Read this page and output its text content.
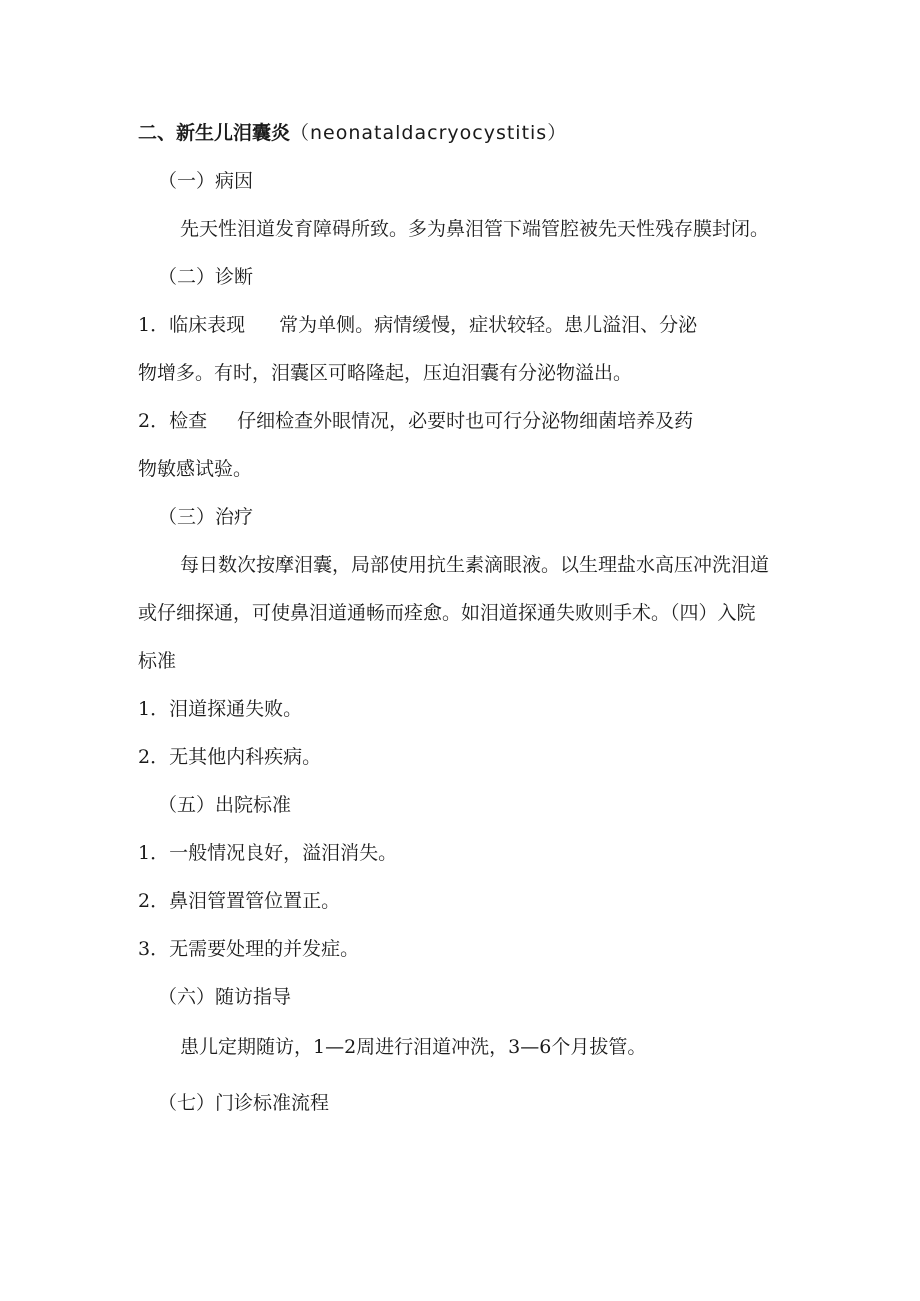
二、新生儿泪囊炎（neonataldacryocystitis）
（一）病因
先天性泪道发育障碍所致。多为鼻泪管下端管腔被先天性残存膜封闭。
（二）诊断
1．临床表现 常为单侧。病情缓慢，症状较轻。患儿溢泪、分泌
物增多。有时，泪囊区可略隆起，压迫泪囊有分泌物溢出。
2．检查 仔细检查外眼情况，必要时也可行分泌物细菌培养及药
物敏感试验。
（三）治疗
每日数次按摩泪囊，局部使用抗生素滴眼液。以生理盐水高压冲洗泪道
或仔细探通，可使鼻泪道通畅而痊愈。如泪道探通失败则手术。（四）入院
标准
1．泪道探通失败。
2．无其他内科疾病。
（五）出院标准
1．一般情况良好，溢泪消失。
2．鼻泪管置管位置正。
3．无需要处理的并发症。
（六）随访指导
患儿定期随访，1—2周进行泪道冲洗，3—6个月拔管。
（七）门诊标准流程
